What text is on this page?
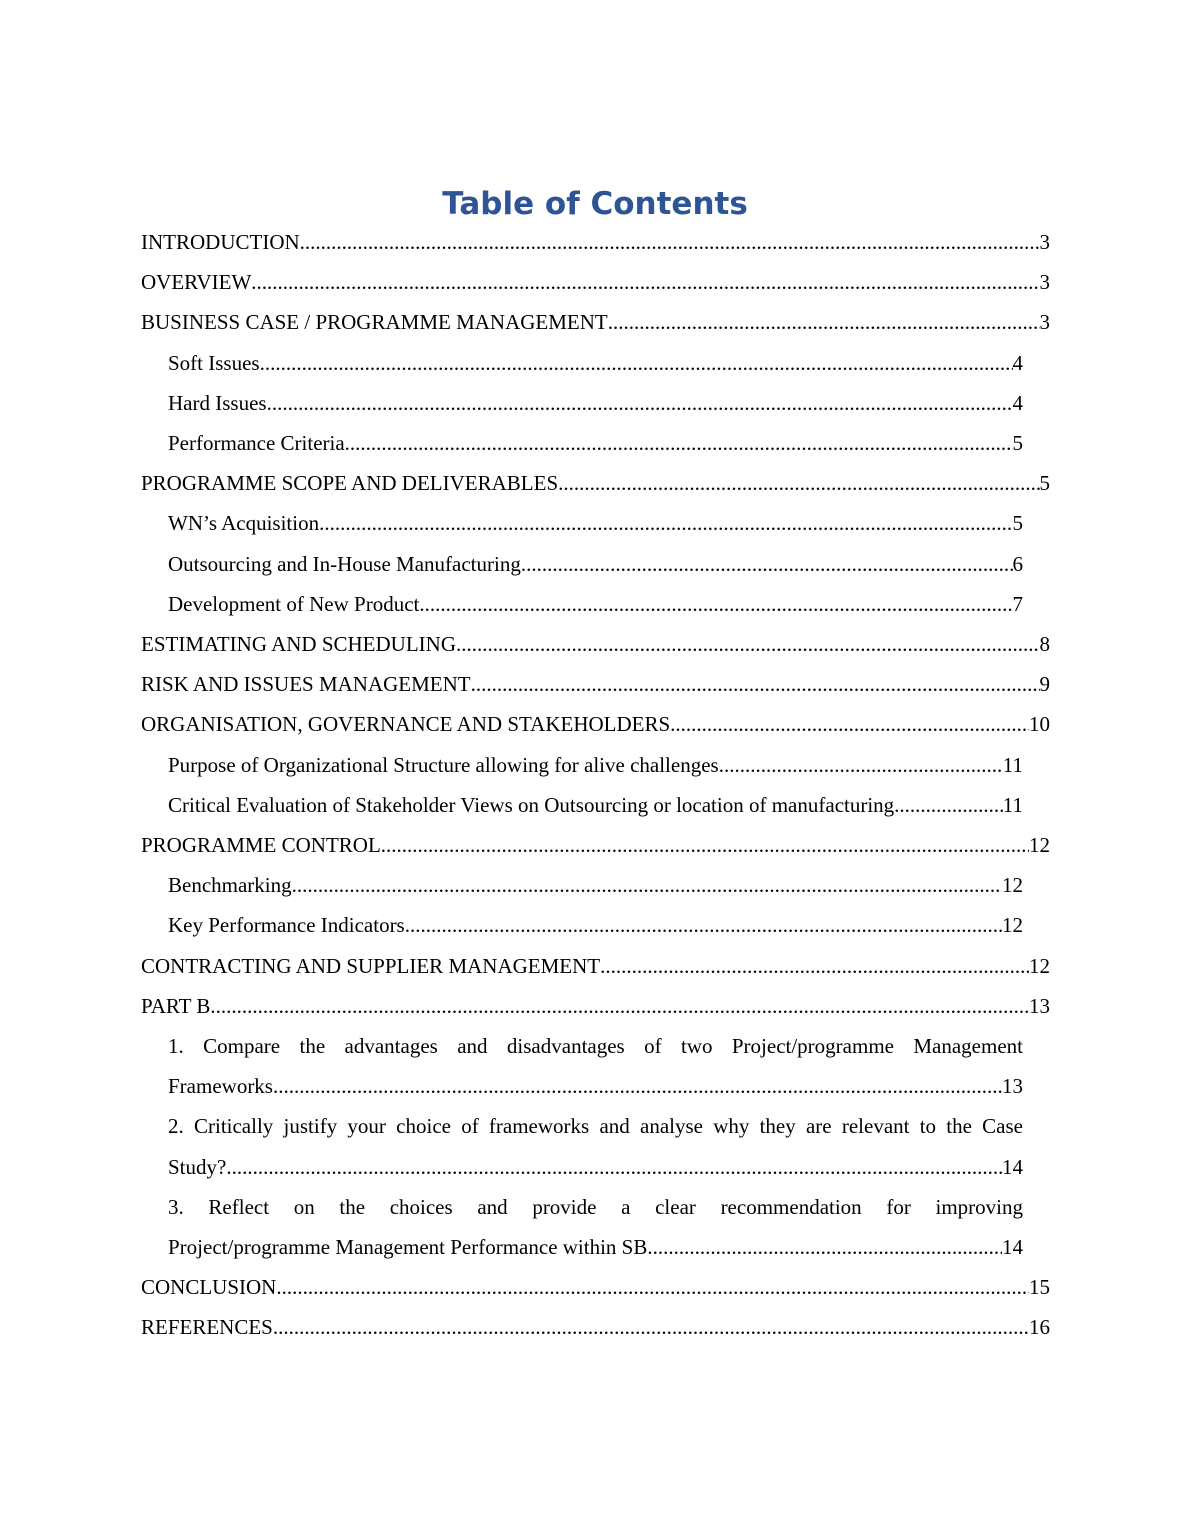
Table of Contents
INTRODUCTION .....	3
OVERVIEW .....	3
BUSINESS CASE / PROGRAMME MANAGEMENT .....	3
Soft Issues .....	4
Hard Issues .....	4
Performance Criteria .....	5
PROGRAMME SCOPE AND DELIVERABLES .....	5
WN’s Acquisition .....	5
Outsourcing and In-House Manufacturing .....	6
Development of New Product .....	7
ESTIMATING AND SCHEDULING .....	8
RISK AND ISSUES MANAGEMENT .....	9
ORGANISATION, GOVERNANCE AND STAKEHOLDERS .....	10
Purpose of Organizational Structure allowing for alive challenges .....	11
Critical Evaluation of Stakeholder Views on Outsourcing or location of manufacturing .....	11
PROGRAMME CONTROL .....	12
Benchmarking .....	12
Key Performance Indicators .....	12
CONTRACTING AND SUPPLIER MANAGEMENT .....	12
PART B .....	13
1. Compare the advantages and disadvantages of two Project/programme Management
Frameworks .....	13
2. Critically justify your choice of frameworks and analyse why they are relevant to the Case
Study? .....	14
3. Reflect on the choices and provide a clear recommendation for improving
Project/programme Management Performance within SB .....	14
CONCLUSION .....	15
REFERENCES .....	16
